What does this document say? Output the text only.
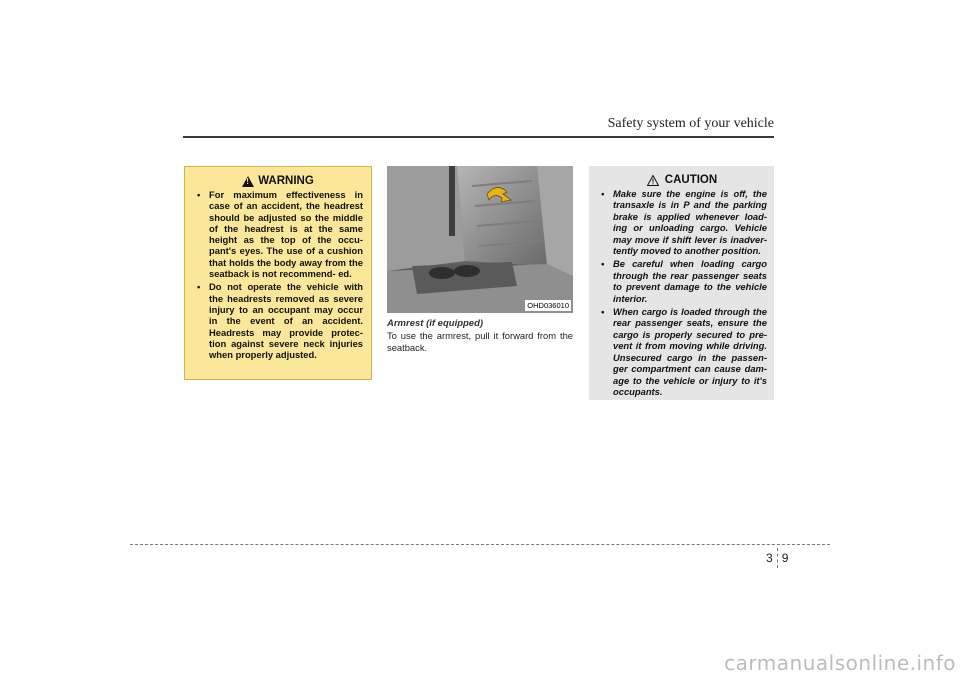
Safety system of your vehicle
!
WARNING
• For maximum effectiveness in case of an accident, the headrest should be adjusted so the middle of the headrest is at the same height as the top of the occu- pant's eyes. The use of a cushion that holds the body away from the seatback is not recommend- ed.
• Do not operate the vehicle with the headrests removed as severe injury to an occupant may occur in the event of an accident. Headrests may provide protec- tion against severe neck injuries when properly adjusted.
OHD036010
Armrest (if equipped)
To use the armrest, pull it forward from the seatback.
CAUTION
• Make sure the engine is off, the transaxle is in P and the parking brake is applied whenever load- ing or unloading cargo. Vehicle may move if shift lever is inadver- tently moved to another position.
• Be careful when loading cargo through the rear passenger seats to prevent damage to the vehicle interior.
• When cargo is loaded through the rear passenger seats, ensure the cargo is properly secured to pre- vent it from moving while driving. Unsecured cargo in the passen- ger compartment can cause dam- age to the vehicle or injury to it's occupants.
3 9
carmanualsonline.info
